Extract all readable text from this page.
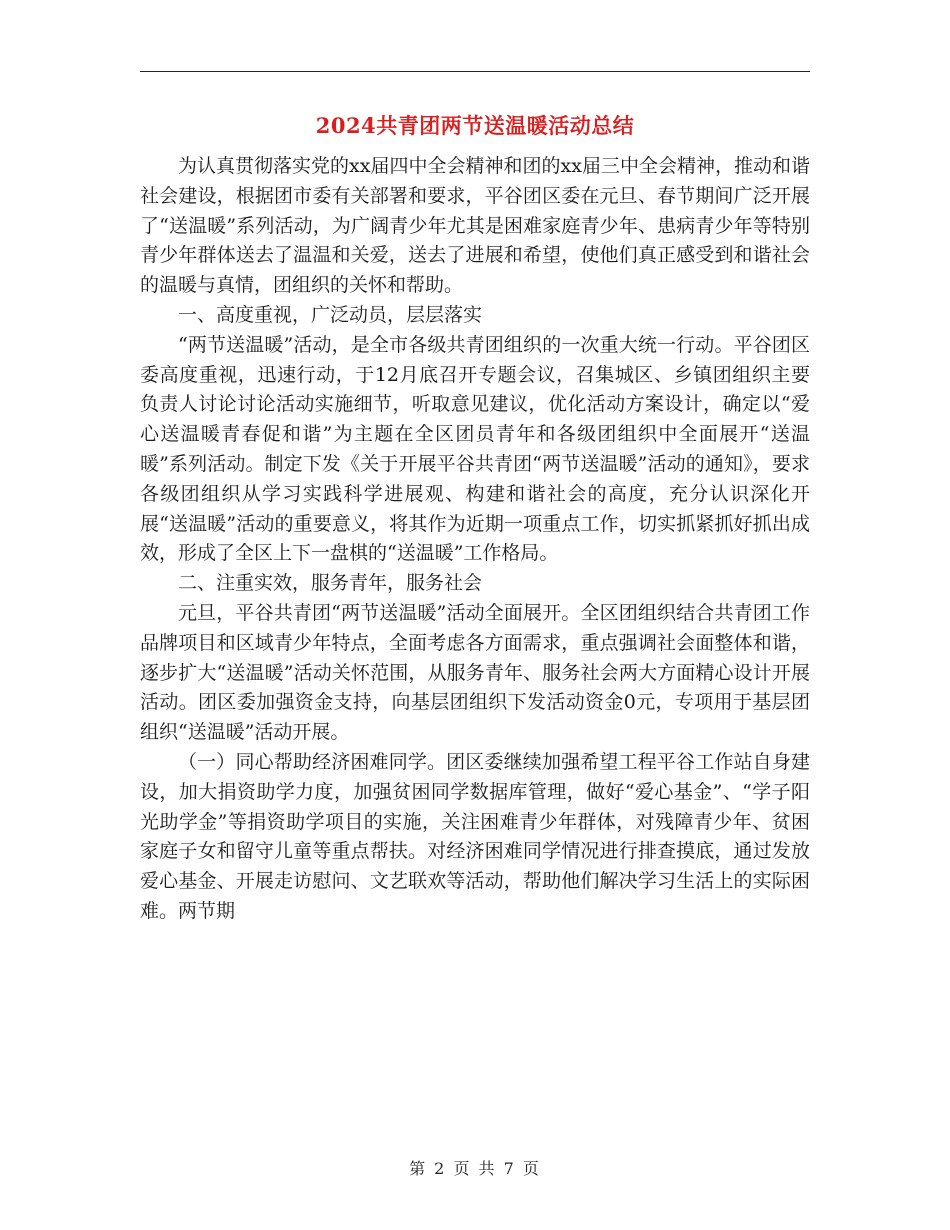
2024共青团两节送温暖活动总结

为认真贯彻落实党的xx届四中全会精神和团的xx届三中全会精神，推动和谐社会建设，根据团市委有关部署和要求，平谷团区委在元旦、春节期间广泛开展了“送温暖”系列活动，为广阔青少年尤其是困难家庭青少年、患病青少年等特别青少年群体送去了温温和关爱，送去了进展和希望，使他们真正感受到和谐社会的温暖与真情，团组织的关怀和帮助。

一、高度重视，广泛动员，层层落实

“两节送温暖”活动，是全市各级共青团组织的一次重大统一行动。平谷团区委高度重视，迅速行动，于12月底召开专题会议，召集城区、乡镇团组织主要负责人讨论讨论活动实施细节，听取意见建议，优化活动方案设计，确定以“爱心送温暖青春促和谐”为主题在全区团员青年和各级团组织中全面展开“送温暖”系列活动。制定下发《关于开展平谷共青团“两节送温暖”活动的通知》，要求各级团组织从学习实践科学进展观、构建和谐社会的高度，充分认识深化开展“送温暖”活动的重要意义，将其作为近期一项重点工作，切实抓紧抓好抓出成效，形成了全区上下一盘棋的“送温暖”工作格局。

二、注重实效，服务青年，服务社会

元旦，平谷共青团“两节送温暖”活动全面展开。全区团组织结合共青团工作品牌项目和区域青少年特点，全面考虑各方面需求，重点强调社会面整体和谐，逐步扩大“送温暖”活动关怀范围，从服务青年、服务社会两大方面精心设计开展活动。团区委加强资金支持，向基层团组织下发活动资金0元，专项用于基层团组织“送温暖”活动开展。

（一）同心帮助经济困难同学。团区委继续加强希望工程平谷工作站自身建设，加大捐资助学力度，加强贫困同学数据库管理，做好“爱心基金”、“学子阳光助学金”等捐资助学项目的实施，关注困难青少年群体，对残障青少年、贫困家庭子女和留守儿童等重点帮扶。对经济困难同学情况进行排查摸底，通过发放爱心基金、开展走访慰问、文艺联欢等活动，帮助他们解决学习生活上的实际困难。两节期

第 2 页 共 7 页
